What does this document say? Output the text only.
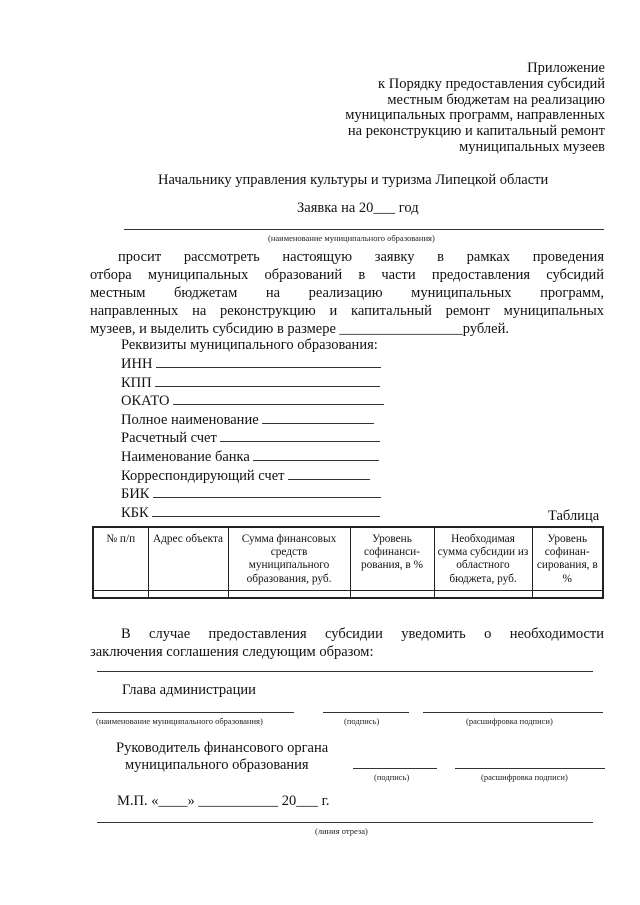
Приложение
к Порядку предоставления субсидий
местным бюджетам на реализацию
муниципальных программ, направленных
на реконструкцию и капитальный ремонт
муниципальных музеев
Начальнику управления культуры и туризма Липецкой области
Заявка на 20___ год
(наименование муниципального образования)
просит рассмотреть настоящую заявку в рамках проведения
отбора муниципальных образований в части предоставления субсидий
местным бюджетам на реализацию муниципальных программ,
направленных на реконструкцию и капитальный ремонт муниципальных
музеев, и выделить субсидию в размере _________________рублей.
Реквизиты муниципального образования:
ИНН
КПП
ОКАТО
Полное наименование
Расчетный счет
Наименование банка
Корреспондирующий счет
БИК
КБК	Таблица
№ п/п	Адрес объекта	Сумма финансовых средств муниципального образования, руб.	Уровень софинанси-рования, в %	Необходимая сумма субсидии из областного бюджета, руб.	Уровень софинан-сирования, в %

В случае предоставления субсидии уведомить о необходимости
заключения соглашения следующим образом:
Глава администрации
(наименование муниципального образования)	(подпись)	(расшифровка подписи)
Руководитель финансового органа
муниципального образования
(подпись)	(расшифровка подписи)
М.П. «____» ___________ 20___ г.
(линия отреза)
